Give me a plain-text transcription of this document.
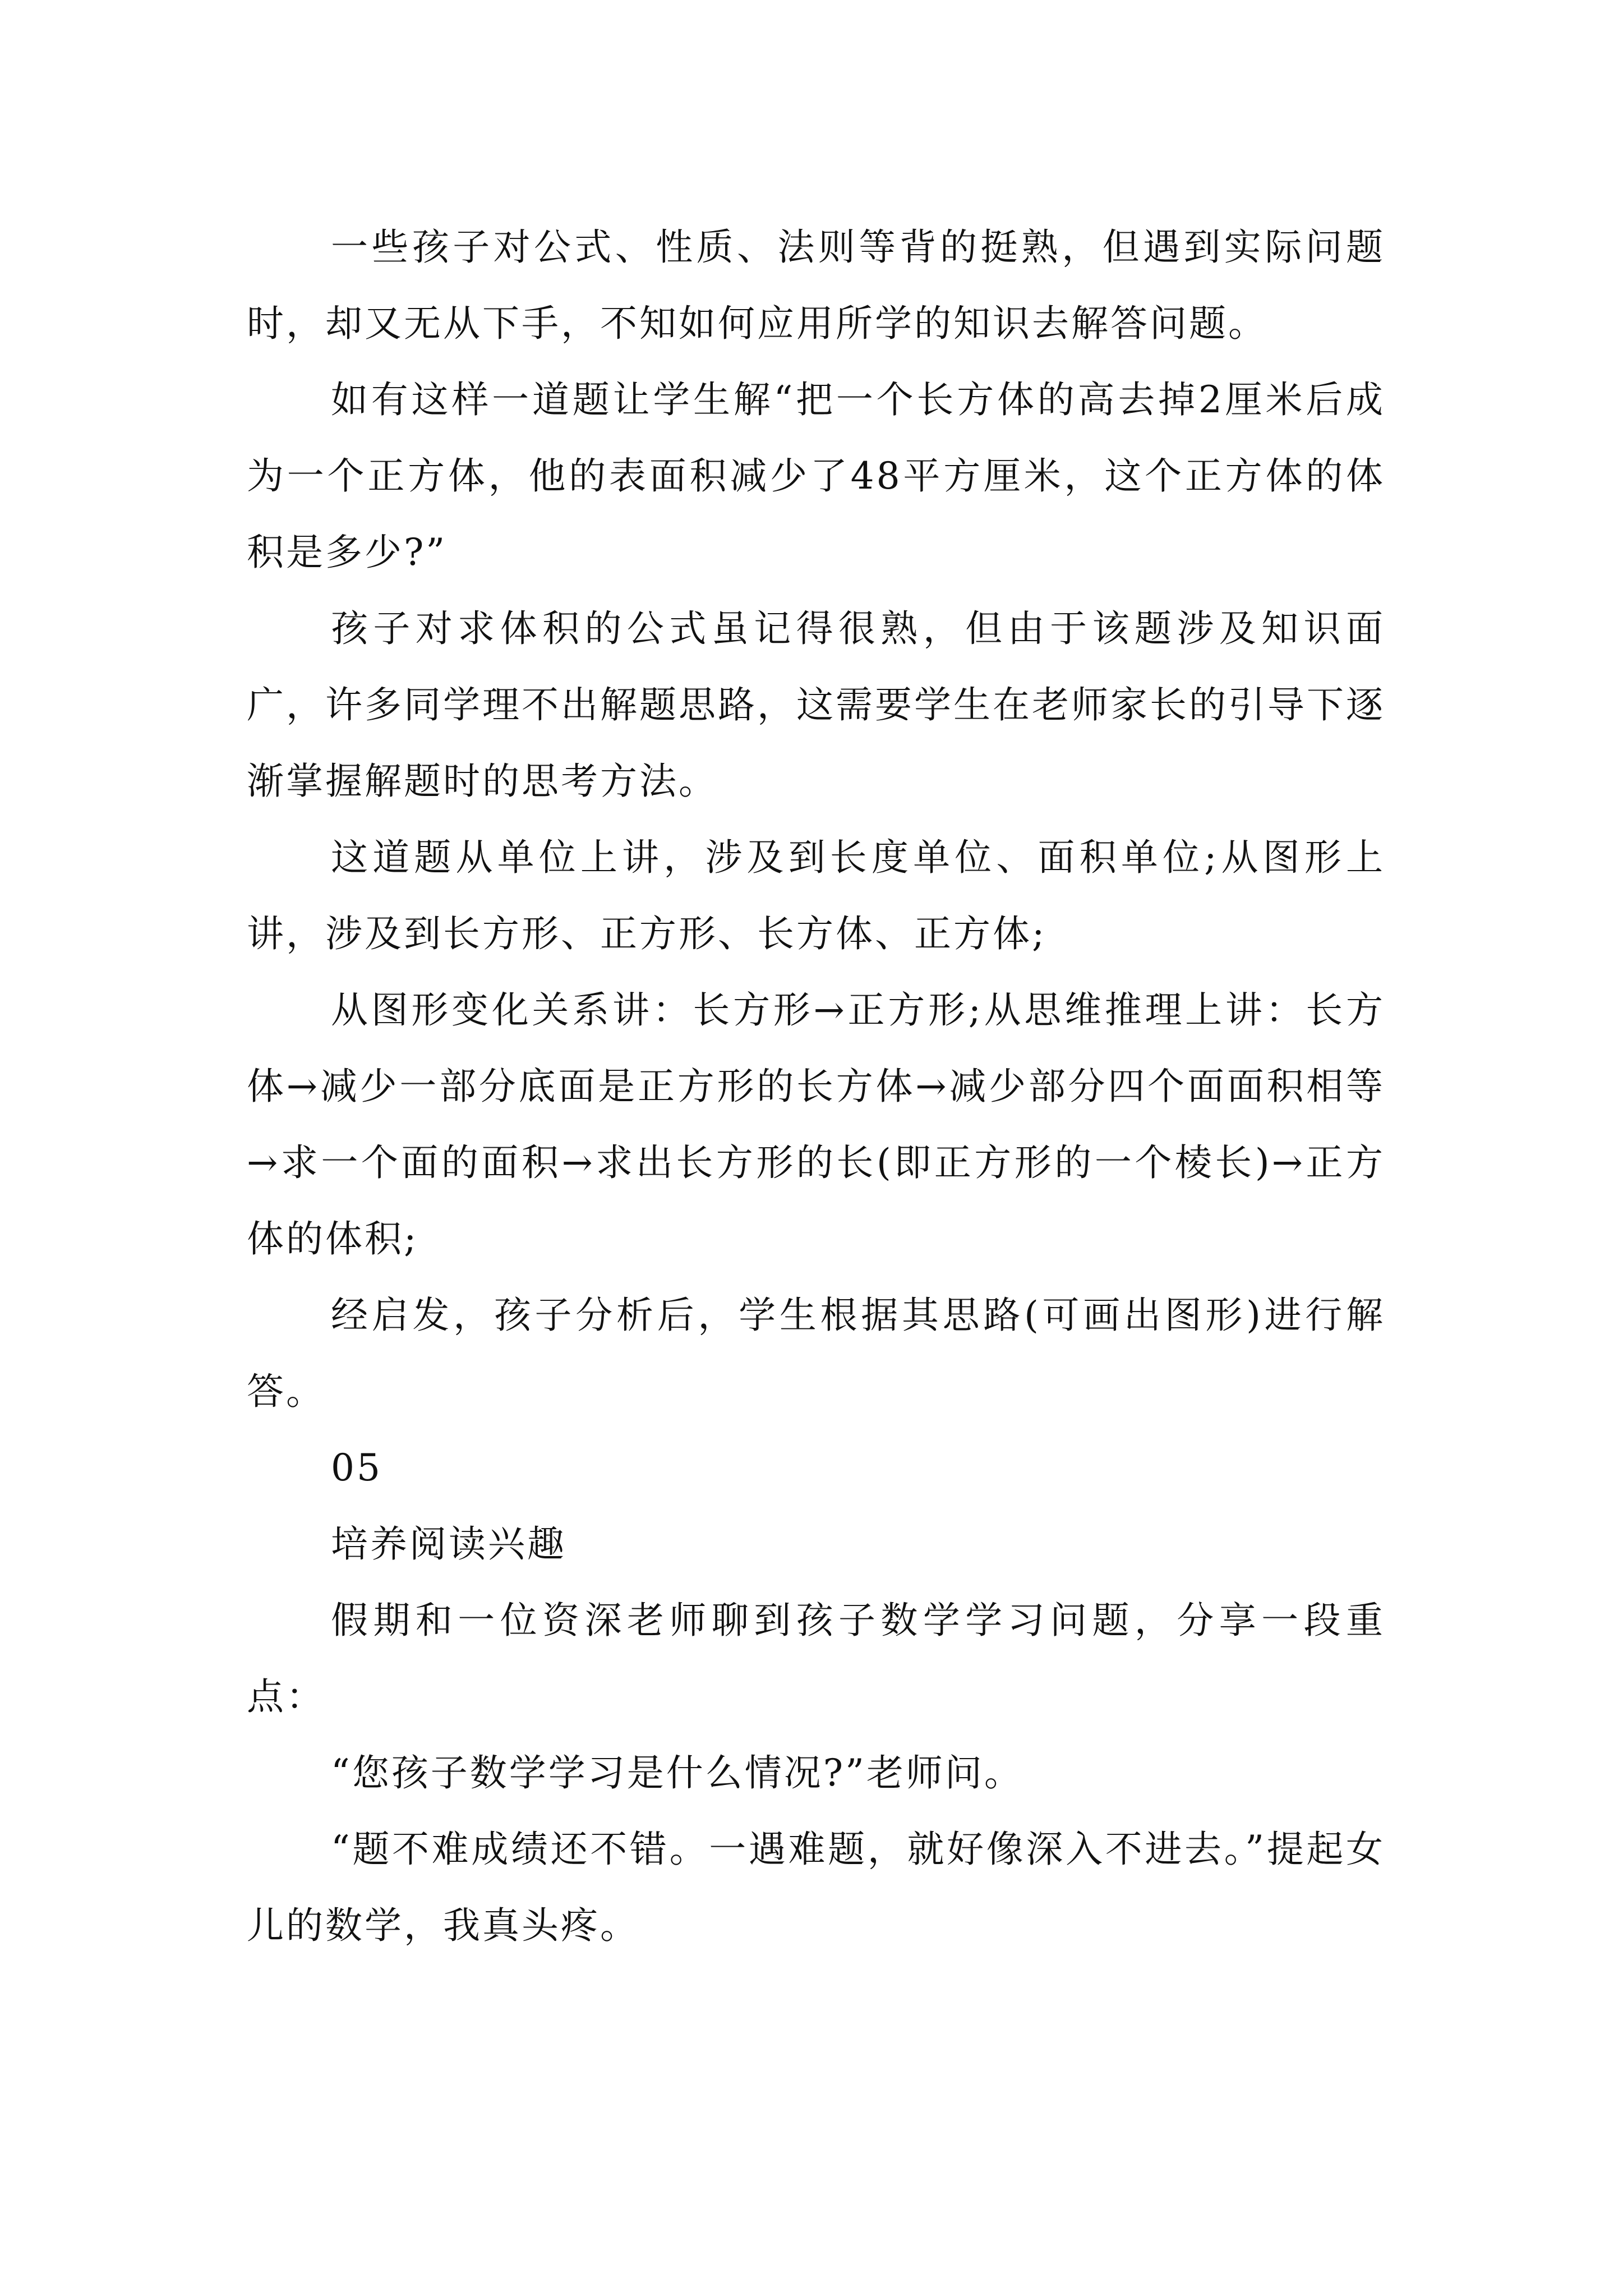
一些孩子对公式、性质、法则等背的挺熟，但遇到实际问题时，却又无从下手，不知如何应用所学的知识去解答问题。

如有这样一道题让学生解“把一个长方体的高去掉2厘米后成为一个正方体，他的表面积减少了48平方厘米，这个正方体的体积是多少?”

孩子对求体积的公式虽记得很熟，但由于该题涉及知识面广，许多同学理不出解题思路，这需要学生在老师家长的引导下逐渐掌握解题时的思考方法。

这道题从单位上讲，涉及到长度单位、面积单位;从图形上讲，涉及到长方形、正方形、长方体、正方体;

从图形变化关系讲：长方形→正方形;从思维推理上讲：长方体→减少一部分底面是正方形的长方体→减少部分四个面面积相等→求一个面的面积→求出长方形的长(即正方形的一个棱长)→正方体的体积;

经启发，孩子分析后，学生根据其思路(可画出图形)进行解答。

05

培养阅读兴趣

假期和一位资深老师聊到孩子数学学习问题，分享一段重点：

“您孩子数学学习是什么情况?”老师问。

“题不难成绩还不错。一遇难题，就好像深入不进去。”提起女儿的数学，我真头疼。
